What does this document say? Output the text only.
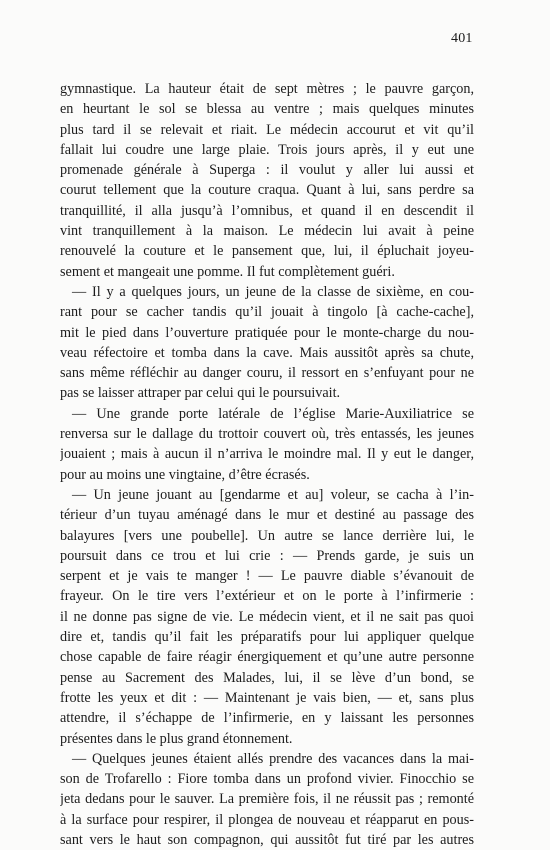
401
gymnastique. La hauteur était de sept mètres ; le pauvre garçon,
en heurtant le sol se blessa au ventre ; mais quelques minutes
plus tard il se relevait et riait. Le médecin accourut et vit qu’il
fallait lui coudre une large plaie. Trois jours après, il y eut une
promenade générale à Superga : il voulut y aller lui aussi et
courut tellement que la couture craqua. Quant à lui, sans perdre sa
tranquillité, il alla jusqu’à l’omnibus, et quand il en descendit il
vint tranquillement à la maison. Le médecin lui avait à peine
renouvelé la couture et le pansement que, lui, il épluchait joyeu-
sement et mangeait une pomme. Il fut complètement guéri.
— Il y a quelques jours, un jeune de la classe de sixième, en cou-
rant pour se cacher tandis qu’il jouait à tingolo [à cache-cache],
mit le pied dans l’ouverture pratiquée pour le monte-charge du nou-
veau réfectoire et tomba dans la cave. Mais aussitôt après sa chute,
sans même réfléchir au danger couru, il ressort en s’enfuyant pour ne
pas se laisser attraper par celui qui le poursuivait.
— Une grande porte latérale de l’église Marie-Auxiliatrice se
renversa sur le dallage du trottoir couvert où, très entassés, les jeunes
jouaient ; mais à aucun il n’arriva le moindre mal. Il y eut le danger,
pour au moins une vingtaine, d’être écrasés.
— Un jeune jouant au [gendarme et au] voleur, se cacha à l’in-
térieur d’un tuyau aménagé dans le mur et destiné au passage des
balayures [vers une poubelle]. Un autre se lance derrière lui, le
poursuit dans ce trou et lui crie : — Prends garde, je suis un
serpent et je vais te manger ! — Le pauvre diable s’évanouit de
frayeur. On le tire vers l’extérieur et on le porte à l’infirmerie :
il ne donne pas signe de vie. Le médecin vient, et il ne sait pas quoi
dire et, tandis qu’il fait les préparatifs pour lui appliquer quelque
chose capable de faire réagir énergiquement et qu’une autre personne
pense au Sacrement des Malades, lui, il se lève d’un bond, se
frotte les yeux et dit : — Maintenant je vais bien, — et, sans plus
attendre, il s’échappe de l’infirmerie, en y laissant les personnes
présentes dans le plus grand étonnement.
— Quelques jeunes étaient allés prendre des vacances dans la mai-
son de Trofarello : Fiore tomba dans un profond vivier. Finocchio se
jeta dedans pour le sauver. La première fois, il ne réussit pas ; remonté
à la surface pour respirer, il plongea de nouveau et réapparut en pous-
sant vers le haut son compagnon, qui aussitôt fut tiré par les autres
